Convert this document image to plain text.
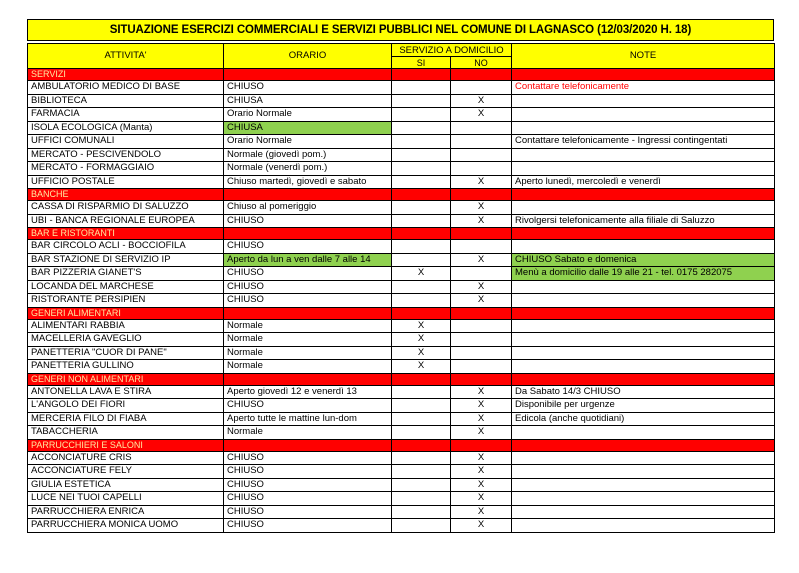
SITUAZIONE ESERCIZI COMMERCIALI E SERVIZI PUBBLICI NEL COMUNE DI LAGNASCO (12/03/2020 H. 18)
ATTIVITA'	ORARIO	SERVIZIO A DOMICILIO		NOTE
		SI	NO	
SERVIZI				
AMBULATORIO MEDICO DI BASE	CHIUSO			Contattare telefonicamente
BIBLIOTECA	CHIUSA		X	
FARMACIA	Orario Normale		X	
ISOLA ECOLOGICA (Manta)	CHIUSA			
UFFICI COMUNALI	Orario Normale			Contattare telefonicamente - Ingressi contingentati
MERCATO - PESCIVENDOLO	Normale (giovedì pom.)			
MERCATO - FORMAGGIAIO	Normale (venerdì pom.)			
UFFICIO POSTALE	Chiuso martedì, giovedì e sabato		X	Aperto lunedì, mercoledì e venerdì
BANCHE				
CASSA DI RISPARMIO DI SALUZZO	Chiuso al pomeriggio		X	
UBI - BANCA REGIONALE EUROPEA	CHIUSO		X	Rivolgersi telefonicamente alla filiale di Saluzzo
BAR E RISTORANTI				
BAR CIRCOLO ACLI - BOCCIOFILA	CHIUSO			
BAR STAZIONE DI SERVIZIO IP	Aperto da lun a ven dalle 7 alle 14		X	CHIUSO Sabato e domenica
BAR PIZZERIA GIANET'S	CHIUSO	X		Menù a domicilio dalle 19 alle 21 - tel. 0175 282075
LOCANDA DEL MARCHESE	CHIUSO		X	
RISTORANTE PERSIPIEN	CHIUSO		X	
GENERI ALIMENTARI				
ALIMENTARI RABBIA	Normale	X		
MACELLERIA GAVEGLIO	Normale	X		
PANETTERIA "CUOR DI PANE"	Normale	X		
PANETTERIA GULLINO	Normale	X		
GENERI NON ALIMENTARI				
ANTONELLA LAVA E STIRA	Aperto giovedì 12 e venerdì 13		X	Da Sabato 14/3 CHIUSO
L'ANGOLO DEI FIORI	CHIUSO		X	Disponibile per urgenze
MERCERIA FILO DI FIABA	Aperto tutte le mattine lun-dom		X	Edicola (anche quotidiani)
TABACCHERIA	Normale		X	
PARRUCCHIERI E SALONI				
ACCONCIATURE CRIS	CHIUSO		X	
ACCONCIATURE FELY	CHIUSO		X	
GIULIA ESTETICA	CHIUSO		X	
LUCE NEI TUOI CAPELLI	CHIUSO		X	
PARRUCCHIERA ENRICA	CHIUSO		X	
PARRUCCHIERA MONICA UOMO	CHIUSO		X	
